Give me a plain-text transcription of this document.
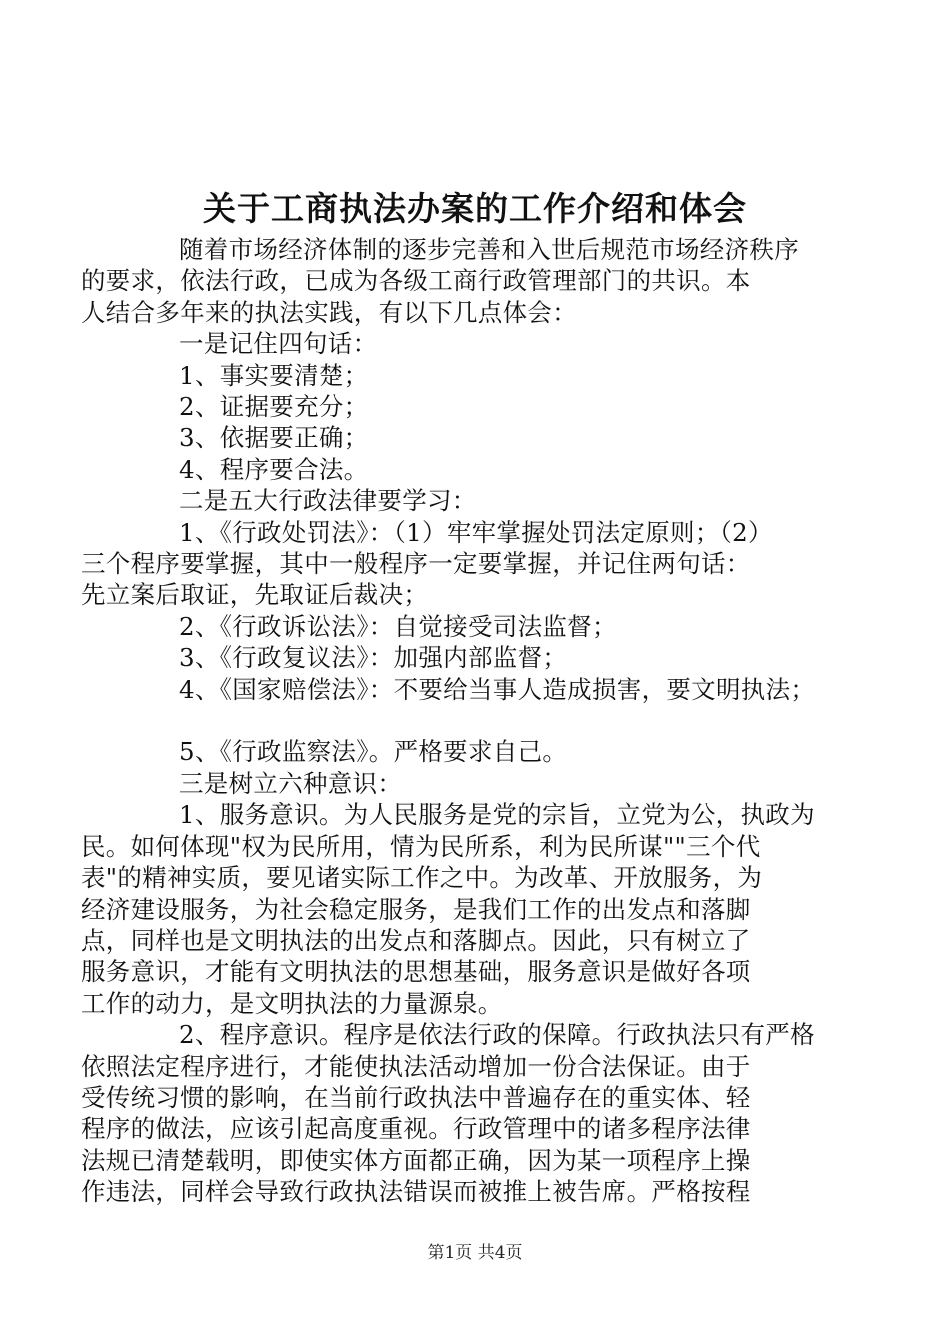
关于工商执法办案的工作介绍和体会
随着市场经济体制的逐步完善和入世后规范市场经济秩序
的要求，依法行政，已成为各级工商行政管理部门的共识。本
人结合多年来的执法实践，有以下几点体会：
一是记住四句话：
1、事实要清楚；
2、证据要充分；
3、依据要正确；
4、程序要合法。
二是五大行政法律要学习：
1、《行政处罚法》：（1）牢牢掌握处罚法定原则；（2）
三个程序要掌握，其中一般程序一定要掌握，并记住两句话：
先立案后取证，先取证后裁决；
2、《行政诉讼法》：自觉接受司法监督；
3、《行政复议法》：加强内部监督；
4、《国家赔偿法》：不要给当事人造成损害，要文明执法；
5、《行政监察法》。严格要求自己。
三是树立六种意识：
1、服务意识。为人民服务是党的宗旨，立党为公，执政为
民。如何体现"权为民所用，情为民所系，利为民所谋""三个代
表"的精神实质，要见诸实际工作之中。为改革、开放服务，为
经济建设服务，为社会稳定服务，是我们工作的出发点和落脚
点，同样也是文明执法的出发点和落脚点。因此，只有树立了
服务意识，才能有文明执法的思想基础，服务意识是做好各项
工作的动力，是文明执法的力量源泉。
2、程序意识。程序是依法行政的保障。行政执法只有严格
依照法定程序进行，才能使执法活动增加一份合法保证。由于
受传统习惯的影响，在当前行政执法中普遍存在的重实体、轻
程序的做法，应该引起高度重视。行政管理中的诸多程序法律
法规已清楚载明，即使实体方面都正确，因为某一项程序上操
作违法，同样会导致行政执法错误而被推上被告席。严格按程
第1页 共4页
